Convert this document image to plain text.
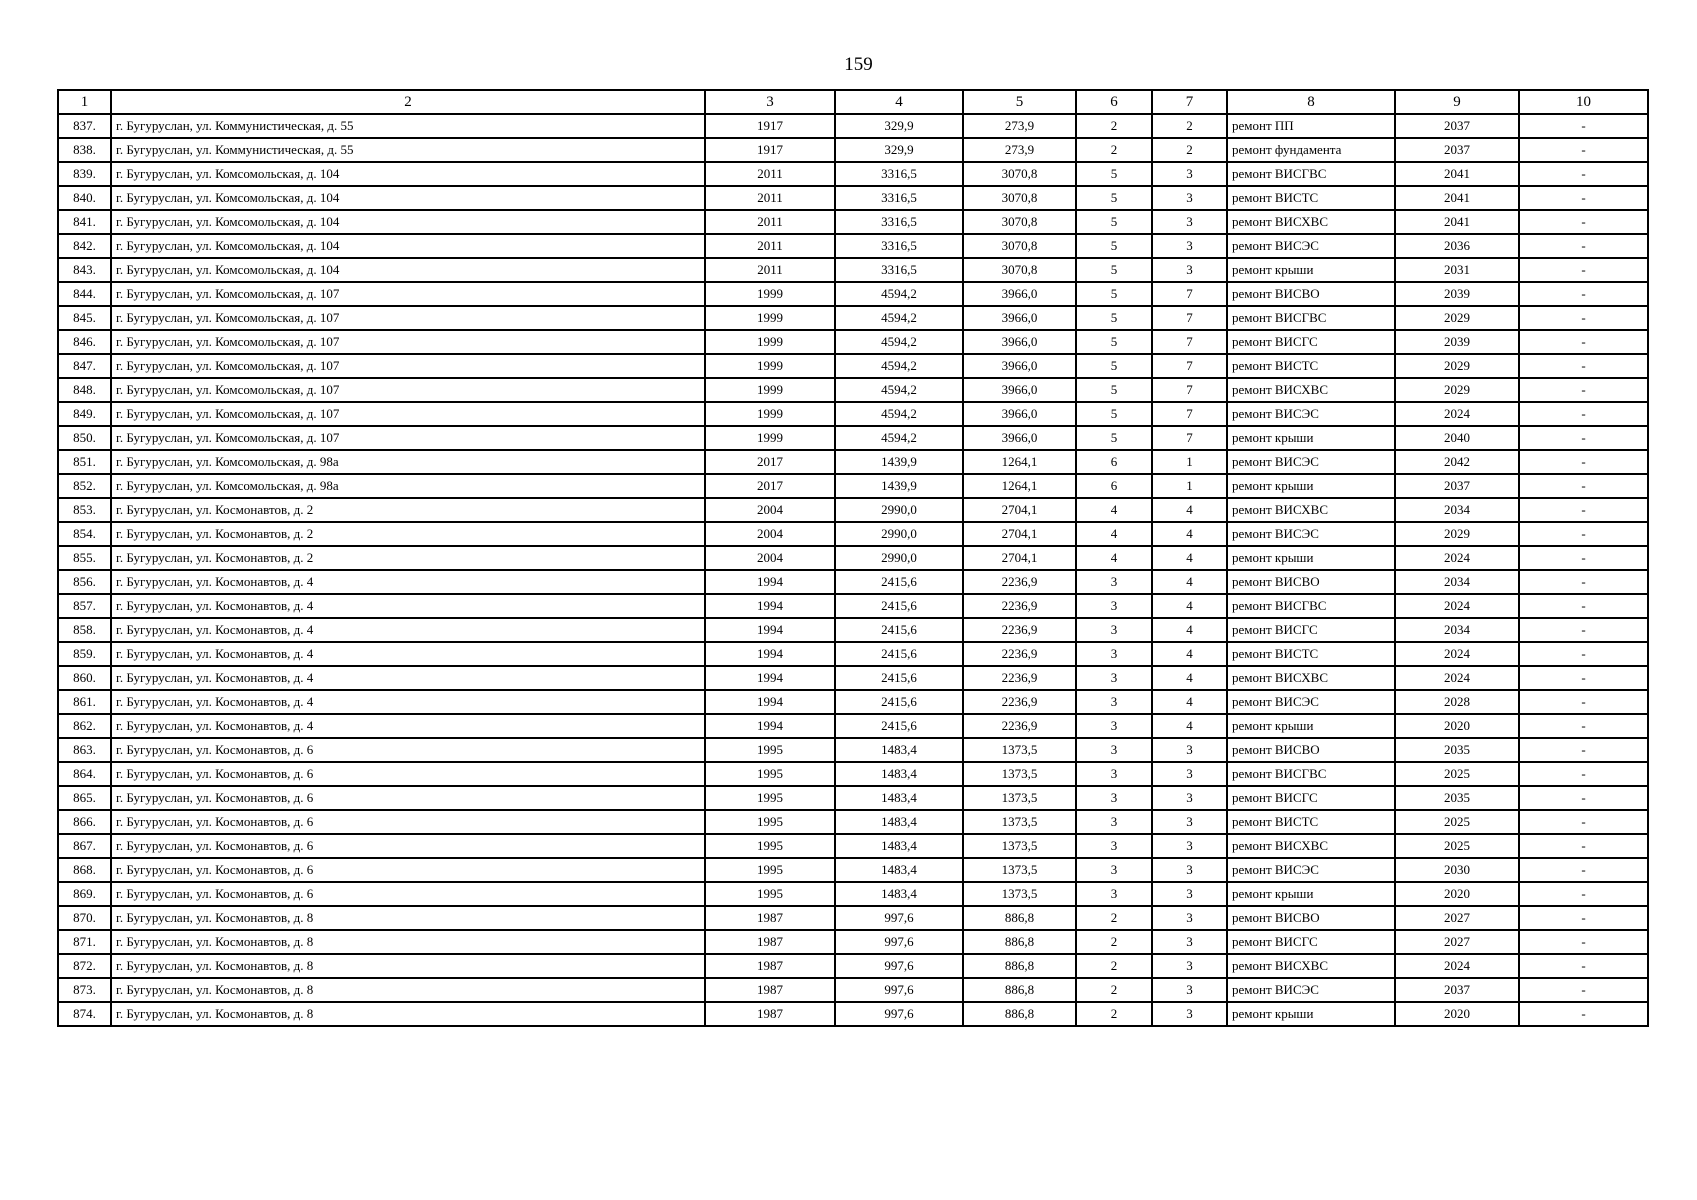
159
1	2	3	4	5	6	7	8	9	10
837.	г. Бугуруслан, ул. Коммунистическая, д. 55	1917	329,9	273,9	2	2	ремонт ПП	2037	-
838.	г. Бугуруслан, ул. Коммунистическая, д. 55	1917	329,9	273,9	2	2	ремонт фундамента	2037	-
839.	г. Бугуруслан, ул. Комсомольская, д. 104	2011	3316,5	3070,8	5	3	ремонт ВИСГВС	2041	-
840.	г. Бугуруслан, ул. Комсомольская, д. 104	2011	3316,5	3070,8	5	3	ремонт ВИСТС	2041	-
841.	г. Бугуруслан, ул. Комсомольская, д. 104	2011	3316,5	3070,8	5	3	ремонт ВИСХВС	2041	-
842.	г. Бугуруслан, ул. Комсомольская, д. 104	2011	3316,5	3070,8	5	3	ремонт ВИСЭС	2036	-
843.	г. Бугуруслан, ул. Комсомольская, д. 104	2011	3316,5	3070,8	5	3	ремонт крыши	2031	-
844.	г. Бугуруслан, ул. Комсомольская, д. 107	1999	4594,2	3966,0	5	7	ремонт ВИСВО	2039	-
845.	г. Бугуруслан, ул. Комсомольская, д. 107	1999	4594,2	3966,0	5	7	ремонт ВИСГВС	2029	-
846.	г. Бугуруслан, ул. Комсомольская, д. 107	1999	4594,2	3966,0	5	7	ремонт ВИСГС	2039	-
847.	г. Бугуруслан, ул. Комсомольская, д. 107	1999	4594,2	3966,0	5	7	ремонт ВИСТС	2029	-
848.	г. Бугуруслан, ул. Комсомольская, д. 107	1999	4594,2	3966,0	5	7	ремонт ВИСХВС	2029	-
849.	г. Бугуруслан, ул. Комсомольская, д. 107	1999	4594,2	3966,0	5	7	ремонт ВИСЭС	2024	-
850.	г. Бугуруслан, ул. Комсомольская, д. 107	1999	4594,2	3966,0	5	7	ремонт крыши	2040	-
851.	г. Бугуруслан, ул. Комсомольская, д. 98а	2017	1439,9	1264,1	6	1	ремонт ВИСЭС	2042	-
852.	г. Бугуруслан, ул. Комсомольская, д. 98а	2017	1439,9	1264,1	6	1	ремонт крыши	2037	-
853.	г. Бугуруслан, ул. Космонавтов, д. 2	2004	2990,0	2704,1	4	4	ремонт ВИСХВС	2034	-
854.	г. Бугуруслан, ул. Космонавтов, д. 2	2004	2990,0	2704,1	4	4	ремонт ВИСЭС	2029	-
855.	г. Бугуруслан, ул. Космонавтов, д. 2	2004	2990,0	2704,1	4	4	ремонт крыши	2024	-
856.	г. Бугуруслан, ул. Космонавтов, д. 4	1994	2415,6	2236,9	3	4	ремонт ВИСВО	2034	-
857.	г. Бугуруслан, ул. Космонавтов, д. 4	1994	2415,6	2236,9	3	4	ремонт ВИСГВС	2024	-
858.	г. Бугуруслан, ул. Космонавтов, д. 4	1994	2415,6	2236,9	3	4	ремонт ВИСГС	2034	-
859.	г. Бугуруслан, ул. Космонавтов, д. 4	1994	2415,6	2236,9	3	4	ремонт ВИСТС	2024	-
860.	г. Бугуруслан, ул. Космонавтов, д. 4	1994	2415,6	2236,9	3	4	ремонт ВИСХВС	2024	-
861.	г. Бугуруслан, ул. Космонавтов, д. 4	1994	2415,6	2236,9	3	4	ремонт ВИСЭС	2028	-
862.	г. Бугуруслан, ул. Космонавтов, д. 4	1994	2415,6	2236,9	3	4	ремонт крыши	2020	-
863.	г. Бугуруслан, ул. Космонавтов, д. 6	1995	1483,4	1373,5	3	3	ремонт ВИСВО	2035	-
864.	г. Бугуруслан, ул. Космонавтов, д. 6	1995	1483,4	1373,5	3	3	ремонт ВИСГВС	2025	-
865.	г. Бугуруслан, ул. Космонавтов, д. 6	1995	1483,4	1373,5	3	3	ремонт ВИСГС	2035	-
866.	г. Бугуруслан, ул. Космонавтов, д. 6	1995	1483,4	1373,5	3	3	ремонт ВИСТС	2025	-
867.	г. Бугуруслан, ул. Космонавтов, д. 6	1995	1483,4	1373,5	3	3	ремонт ВИСХВС	2025	-
868.	г. Бугуруслан, ул. Космонавтов, д. 6	1995	1483,4	1373,5	3	3	ремонт ВИСЭС	2030	-
869.	г. Бугуруслан, ул. Космонавтов, д. 6	1995	1483,4	1373,5	3	3	ремонт крыши	2020	-
870.	г. Бугуруслан, ул. Космонавтов, д. 8	1987	997,6	886,8	2	3	ремонт ВИСВО	2027	-
871.	г. Бугуруслан, ул. Космонавтов, д. 8	1987	997,6	886,8	2	3	ремонт ВИСГС	2027	-
872.	г. Бугуруслан, ул. Космонавтов, д. 8	1987	997,6	886,8	2	3	ремонт ВИСХВС	2024	-
873.	г. Бугуруслан, ул. Космонавтов, д. 8	1987	997,6	886,8	2	3	ремонт ВИСЭС	2037	-
874.	г. Бугуруслан, ул. Космонавтов, д. 8	1987	997,6	886,8	2	3	ремонт крыши	2020	-
